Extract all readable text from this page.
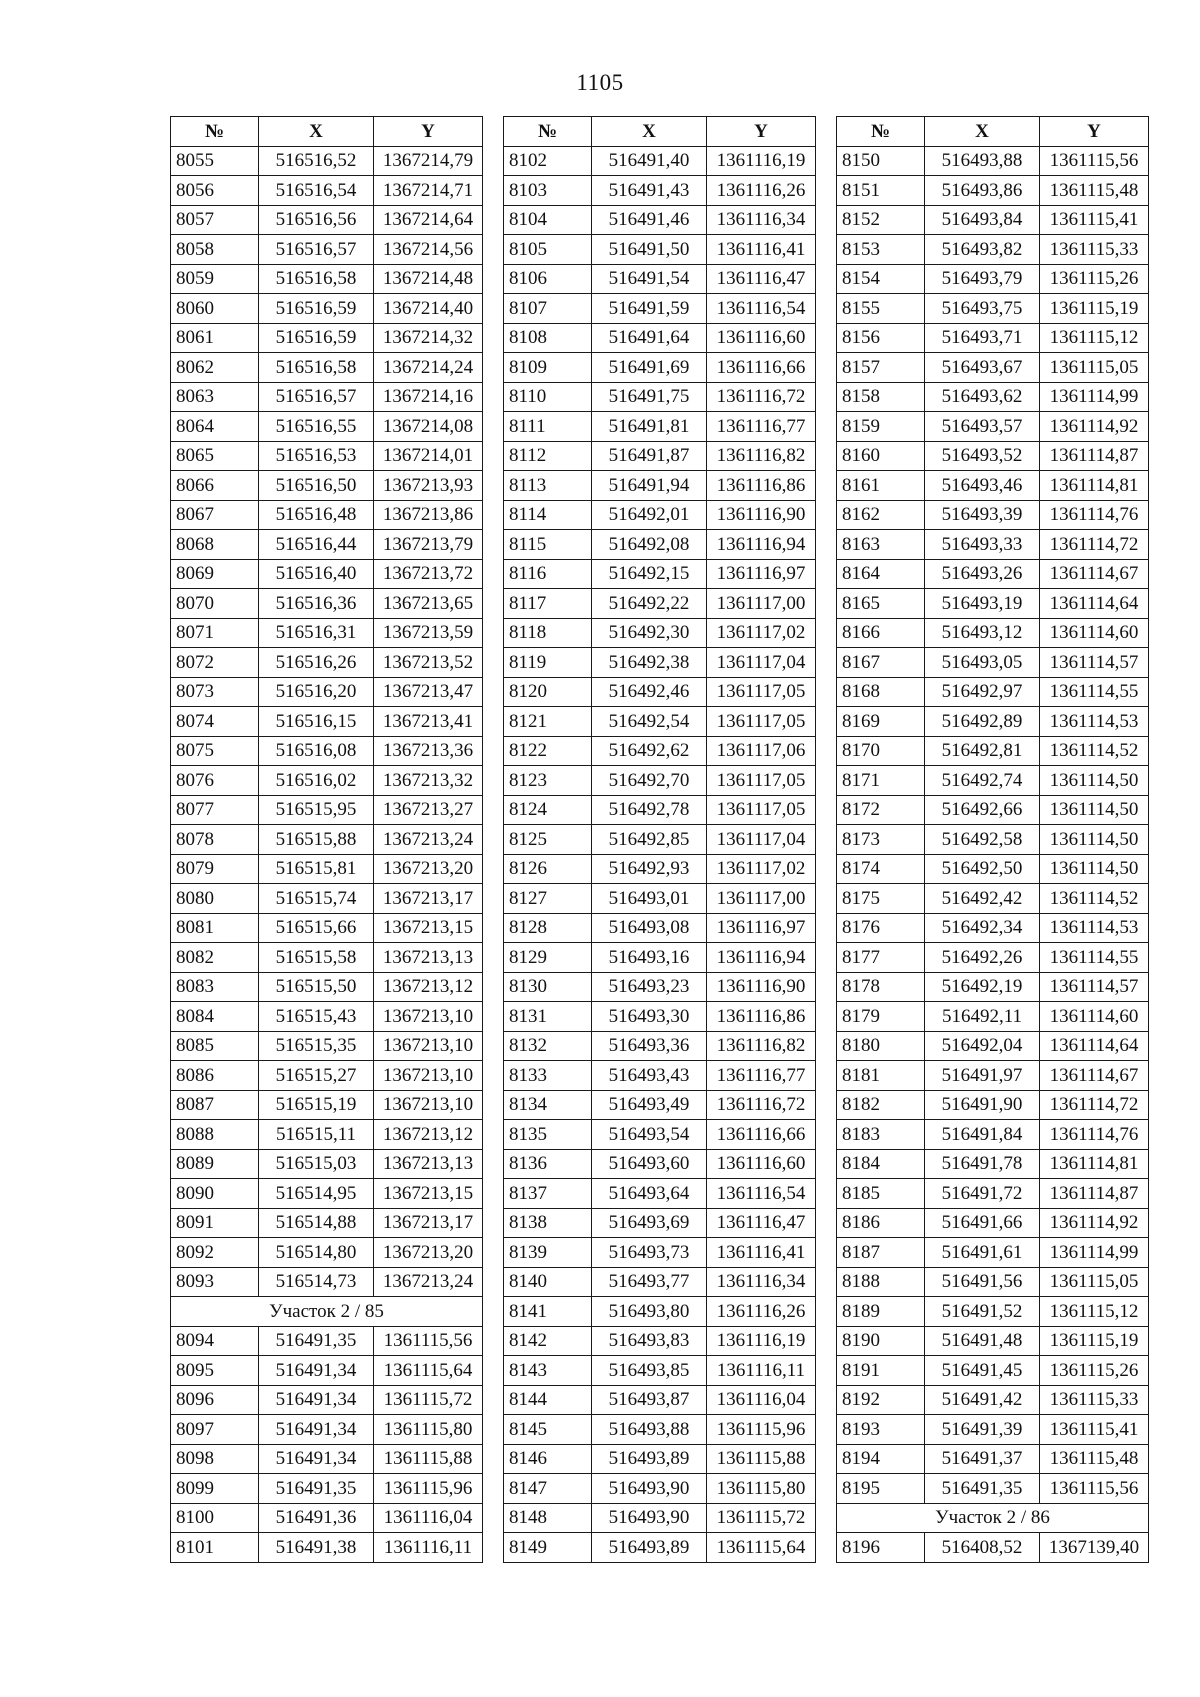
1105
№	X	Y
8055	516516,52	1367214,79
8056	516516,54	1367214,71
8057	516516,56	1367214,64
8058	516516,57	1367214,56
8059	516516,58	1367214,48
8060	516516,59	1367214,40
8061	516516,59	1367214,32
8062	516516,58	1367214,24
8063	516516,57	1367214,16
8064	516516,55	1367214,08
8065	516516,53	1367214,01
8066	516516,50	1367213,93
8067	516516,48	1367213,86
8068	516516,44	1367213,79
8069	516516,40	1367213,72
8070	516516,36	1367213,65
8071	516516,31	1367213,59
8072	516516,26	1367213,52
8073	516516,20	1367213,47
8074	516516,15	1367213,41
8075	516516,08	1367213,36
8076	516516,02	1367213,32
8077	516515,95	1367213,27
8078	516515,88	1367213,24
8079	516515,81	1367213,20
8080	516515,74	1367213,17
8081	516515,66	1367213,15
8082	516515,58	1367213,13
8083	516515,50	1367213,12
8084	516515,43	1367213,10
8085	516515,35	1367213,10
8086	516515,27	1367213,10
8087	516515,19	1367213,10
8088	516515,11	1367213,12
8089	516515,03	1367213,13
8090	516514,95	1367213,15
8091	516514,88	1367213,17
8092	516514,80	1367213,20
8093	516514,73	1367213,24
Участок 2 / 85		
8094	516491,35	1361115,56
8095	516491,34	1361115,64
8096	516491,34	1361115,72
8097	516491,34	1361115,80
8098	516491,34	1361115,88
8099	516491,35	1361115,96
8100	516491,36	1361116,04
8101	516491,38	1361116,11
№	X	Y
8102	516491,40	1361116,19
8103	516491,43	1361116,26
8104	516491,46	1361116,34
8105	516491,50	1361116,41
8106	516491,54	1361116,47
8107	516491,59	1361116,54
8108	516491,64	1361116,60
8109	516491,69	1361116,66
8110	516491,75	1361116,72
8111	516491,81	1361116,77
8112	516491,87	1361116,82
8113	516491,94	1361116,86
8114	516492,01	1361116,90
8115	516492,08	1361116,94
8116	516492,15	1361116,97
8117	516492,22	1361117,00
8118	516492,30	1361117,02
8119	516492,38	1361117,04
8120	516492,46	1361117,05
8121	516492,54	1361117,05
8122	516492,62	1361117,06
8123	516492,70	1361117,05
8124	516492,78	1361117,05
8125	516492,85	1361117,04
8126	516492,93	1361117,02
8127	516493,01	1361117,00
8128	516493,08	1361116,97
8129	516493,16	1361116,94
8130	516493,23	1361116,90
8131	516493,30	1361116,86
8132	516493,36	1361116,82
8133	516493,43	1361116,77
8134	516493,49	1361116,72
8135	516493,54	1361116,66
8136	516493,60	1361116,60
8137	516493,64	1361116,54
8138	516493,69	1361116,47
8139	516493,73	1361116,41
8140	516493,77	1361116,34
8141	516493,80	1361116,26
8142	516493,83	1361116,19
8143	516493,85	1361116,11
8144	516493,87	1361116,04
8145	516493,88	1361115,96
8146	516493,89	1361115,88
8147	516493,90	1361115,80
8148	516493,90	1361115,72
8149	516493,89	1361115,64
№	X	Y
8150	516493,88	1361115,56
8151	516493,86	1361115,48
8152	516493,84	1361115,41
8153	516493,82	1361115,33
8154	516493,79	1361115,26
8155	516493,75	1361115,19
8156	516493,71	1361115,12
8157	516493,67	1361115,05
8158	516493,62	1361114,99
8159	516493,57	1361114,92
8160	516493,52	1361114,87
8161	516493,46	1361114,81
8162	516493,39	1361114,76
8163	516493,33	1361114,72
8164	516493,26	1361114,67
8165	516493,19	1361114,64
8166	516493,12	1361114,60
8167	516493,05	1361114,57
8168	516492,97	1361114,55
8169	516492,89	1361114,53
8170	516492,81	1361114,52
8171	516492,74	1361114,50
8172	516492,66	1361114,50
8173	516492,58	1361114,50
8174	516492,50	1361114,50
8175	516492,42	1361114,52
8176	516492,34	1361114,53
8177	516492,26	1361114,55
8178	516492,19	1361114,57
8179	516492,11	1361114,60
8180	516492,04	1361114,64
8181	516491,97	1361114,67
8182	516491,90	1361114,72
8183	516491,84	1361114,76
8184	516491,78	1361114,81
8185	516491,72	1361114,87
8186	516491,66	1361114,92
8187	516491,61	1361114,99
8188	516491,56	1361115,05
8189	516491,52	1361115,12
8190	516491,48	1361115,19
8191	516491,45	1361115,26
8192	516491,42	1361115,33
8193	516491,39	1361115,41
8194	516491,37	1361115,48
8195	516491,35	1361115,56
Участок 2 / 86		
8196	516408,52	1367139,40
